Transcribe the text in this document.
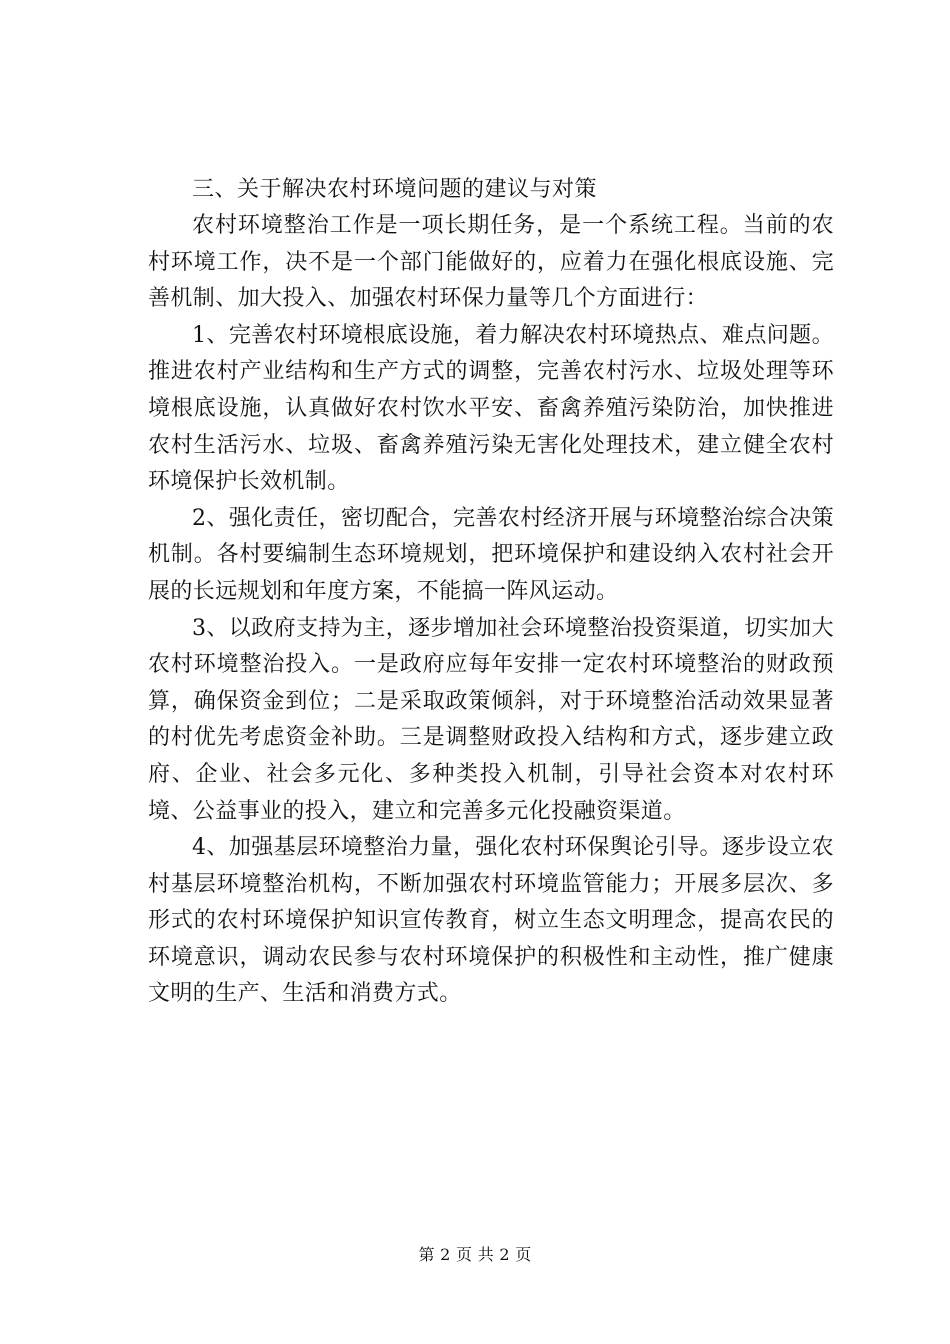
三、关于解决农村环境问题的建议与对策

农村环境整治工作是一项长期任务，是一个系统工程。当前的农村环境工作，决不是一个部门能做好的，应着力在强化根底设施、完善机制、加大投入、加强农村环保力量等几个方面进行：

1、完善农村环境根底设施，着力解决农村环境热点、难点问题。推进农村产业结构和生产方式的调整，完善农村污水、垃圾处理等环境根底设施，认真做好农村饮水平安、畜禽养殖污染防治，加快推进农村生活污水、垃圾、畜禽养殖污染无害化处理技术，建立健全农村环境保护长效机制。

2、强化责任，密切配合，完善农村经济开展与环境整治综合决策机制。各村要编制生态环境规划，把环境保护和建设纳入农村社会开展的长远规划和年度方案，不能搞一阵风运动。

3、以政府支持为主，逐步增加社会环境整治投资渠道，切实加大农村环境整治投入。一是政府应每年安排一定农村环境整治的财政预算，确保资金到位；二是采取政策倾斜，对于环境整治活动效果显著的村优先考虑资金补助。三是调整财政投入结构和方式，逐步建立政府、企业、社会多元化、多种类投入机制，引导社会资本对农村环境、公益事业的投入，建立和完善多元化投融资渠道。

4、加强基层环境整治力量，强化农村环保舆论引导。逐步设立农村基层环境整治机构，不断加强农村环境监管能力；开展多层次、多形式的农村环境保护知识宣传教育，树立生态文明理念，提高农民的环境意识，调动农民参与农村环境保护的积极性和主动性，推广健康文明的生产、生活和消费方式。

第 2 页 共 2 页
